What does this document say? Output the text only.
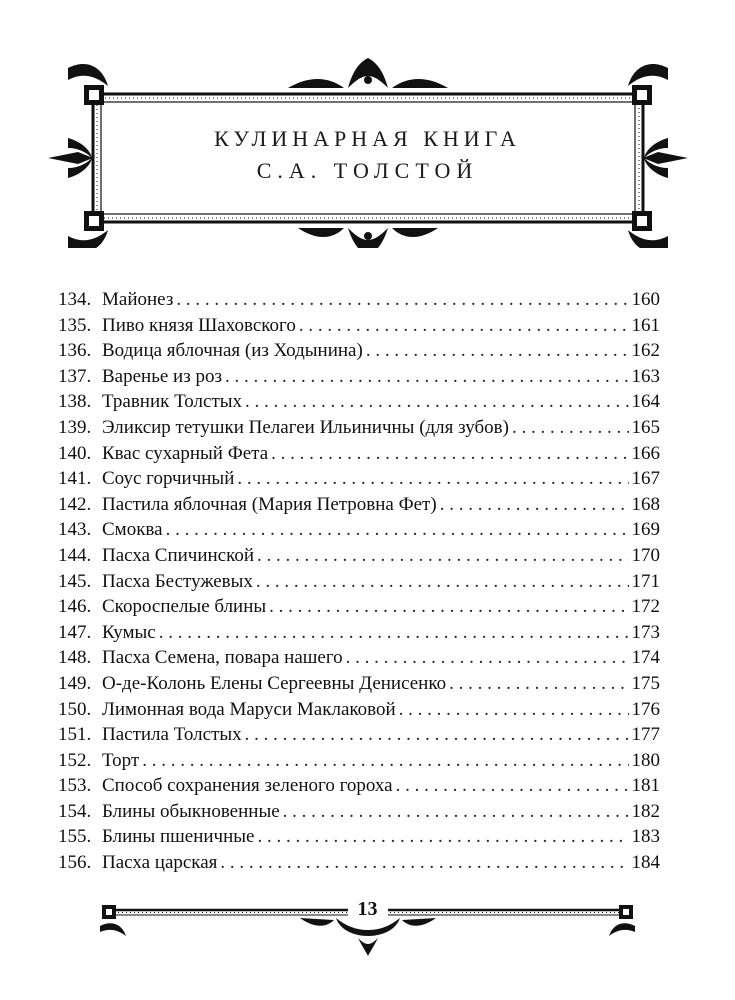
КУЛИНАРНАЯ КНИГА
С.А. ТОЛСТОЙ
134. Майонез . . .	160
135. Пиво князя Шаховского . . .	161
136. Водица яблочная (из Ходынина) . . .	162
137. Варенье из роз . . .	163
138. Травник Толстых . . .	164
139. Эликсир тетушки Пелагеи Ильиничны (для зубов) . . .	165
140. Квас сухарный Фета . . .	166
141. Соус горчичный . . .	167
142. Пастила яблочная (Мария Петровна Фет) . . .	168
143. Смоква . . .	169
144. Пасха Спичинской . . .	170
145. Пасха Бестужевых . . .	171
146. Скороспелые блины . . .	172
147. Кумыс . . .	173
148. Пасха Семена, повара нашего . . .	174
149. О-де-Колонь Елены Сергеевны Денисенко . . .	175
150. Лимонная вода Маруси Маклаковой . . .	176
151. Пастила Толстых . . .	177
152. Торт . . .	180
153. Способ сохранения зеленого гороха . . .	181
154. Блины обыкновенные . . .	182
155. Блины пшеничные . . .	183
156. Пасха царская . . .	184
13
